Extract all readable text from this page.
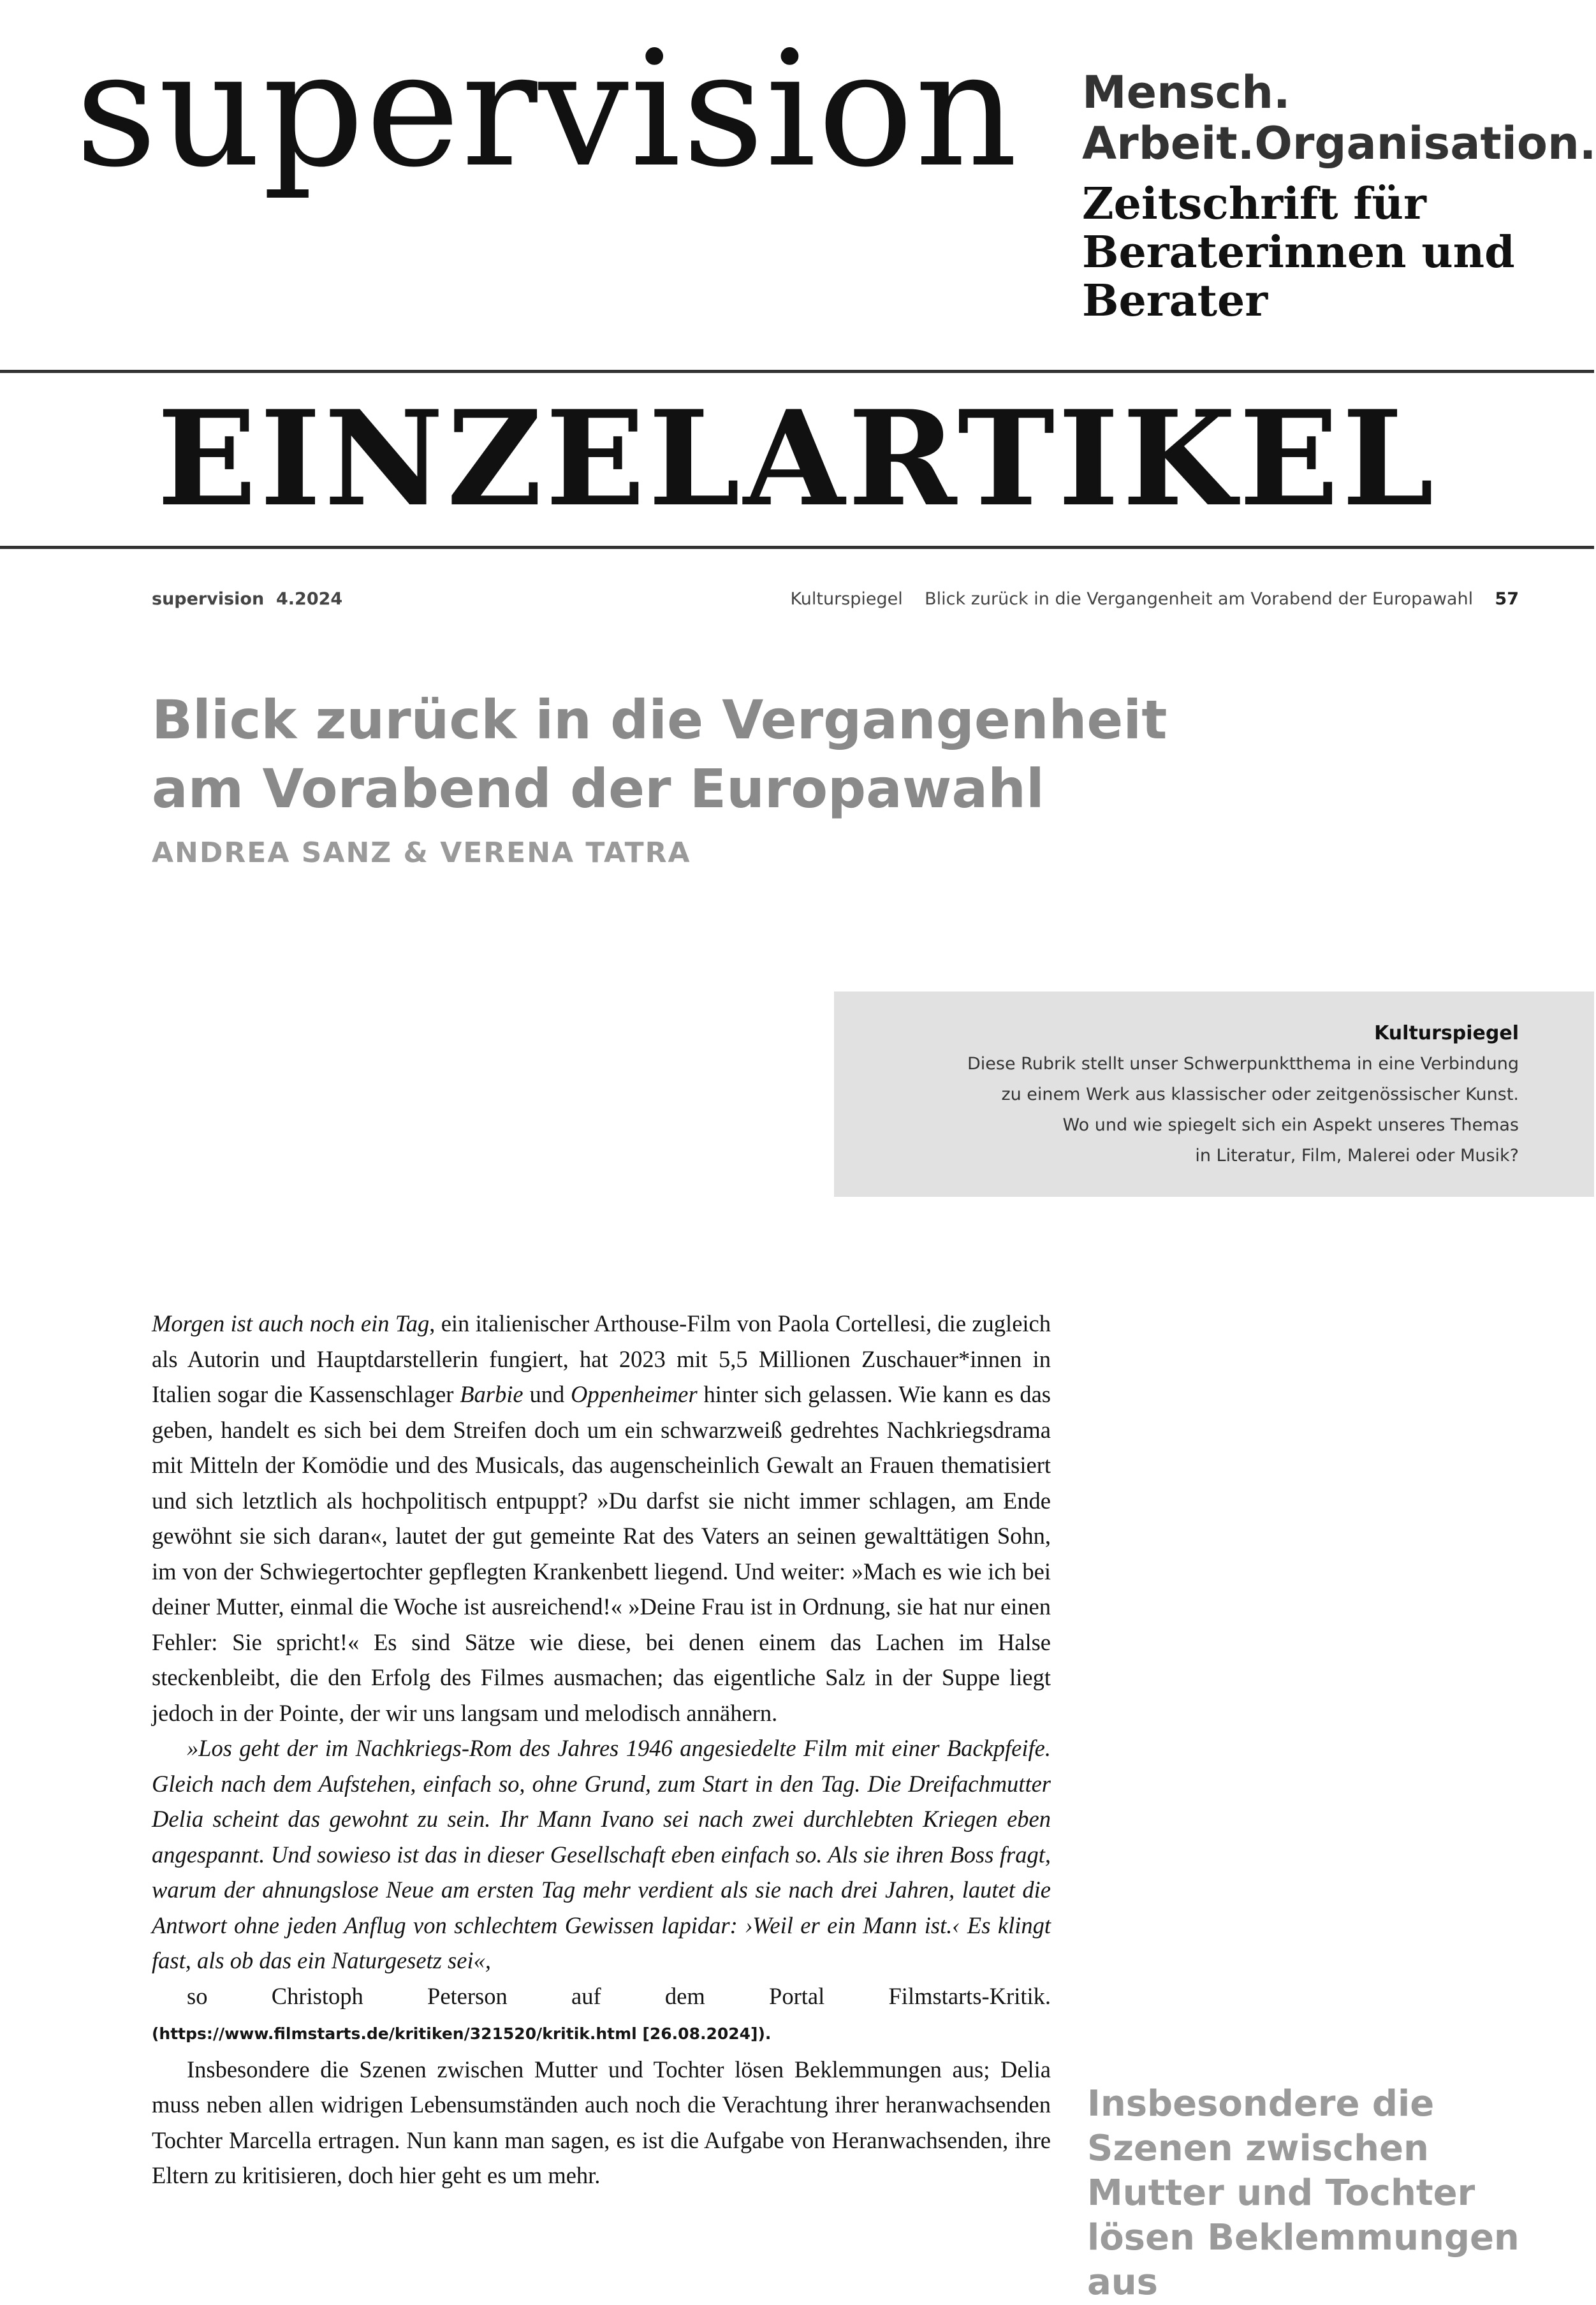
supervision Mensch.
Arbeit.Organisation.
Zeitschrift für
Beraterinnen und
Berater
EINZELARTIKEL
supervision  4.2024	Kulturspiegel Blick zurück in die Vergangenheit am Vorabend der Europawahl 57
Blick zurück in die Vergangenheit
am Vorabend der Europawahl
ANDREA SANZ & VERENA TATRA
Kulturspiegel
Diese Rubrik stellt unser Schwerpunktthema in eine Verbindung
zu einem Werk aus klassischer oder zeitgenössischer Kunst.
Wo und wie spiegelt sich ein Aspekt unseres Themas
in Literatur, Film, Malerei oder Musik?

Morgen ist auch noch ein Tag, ein italienischer Arthouse-Film von Paola Cortellesi, die zugleich als Autorin und Hauptdarstellerin fungiert, hat 2023 mit 5,5 Millionen Zuschauer*innen in Italien sogar die Kassenschlager Barbie und Oppenheimer hinter sich gelassen. Wie kann es das geben, handelt es sich bei dem Streifen doch um ein schwarzweiß gedrehtes Nachkriegsdrama mit Mitteln der Komödie und des Musicals, das augenscheinlich Gewalt an Frauen thematisiert und sich letztlich als hochpolitisch entpuppt? »Du darfst sie nicht immer schlagen, am Ende gewöhnt sie sich daran«, lautet der gut gemeinte Rat des Vaters an seinen gewalttätigen Sohn, im von der Schwiegertochter gepflegten Krankenbett liegend. Und weiter: »Mach es wie ich bei deiner Mutter, einmal die Woche ist ausreichend!« »Deine Frau ist in Ordnung, sie hat nur einen Fehler: Sie spricht!« Es sind Sätze wie diese, bei denen einem das Lachen im Halse steckenbleibt, die den Erfolg des Filmes ausmachen; das eigentliche Salz in der Suppe liegt jedoch in der Pointe, der wir uns langsam und melodisch annähern.

»Los geht der im Nachkriegs-Rom des Jahres 1946 angesiedelte Film mit einer Backpfeife. Gleich nach dem Aufstehen, einfach so, ohne Grund, zum Start in den Tag. Die Dreifachmutter Delia scheint das gewohnt zu sein. Ihr Mann Ivano sei nach zwei durchlebten Kriegen eben angespannt. Und sowieso ist das in dieser Gesellschaft eben einfach so. Als sie ihren Boss fragt, warum der ahnungslose Neue am ersten Tag mehr verdient als sie nach drei Jahren, lautet die Antwort ohne jeden Anflug von schlechtem Gewissen lapidar: ›Weil er ein Mann ist.‹ Es klingt fast, als ob das ein Naturgesetz sei«,

so Christoph Peterson auf dem Portal Filmstarts-Kritik. (https://www.filmstarts.de/kritiken/321520/kritik.html [26.08.2024]).

Insbesondere die Szenen zwischen Mutter und Tochter lösen Beklemmungen aus; Delia muss neben allen widrigen Lebensumständen auch noch die Verachtung ihrer heranwachsenden Tochter Marcella ertragen. Nun kann man sagen, es ist die Aufgabe von Heranwachsenden, ihre Eltern zu kritisieren, doch hier geht es um mehr.

Insbesondere die Szenen zwischen Mutter und Tochter lösen Beklemmungen aus
